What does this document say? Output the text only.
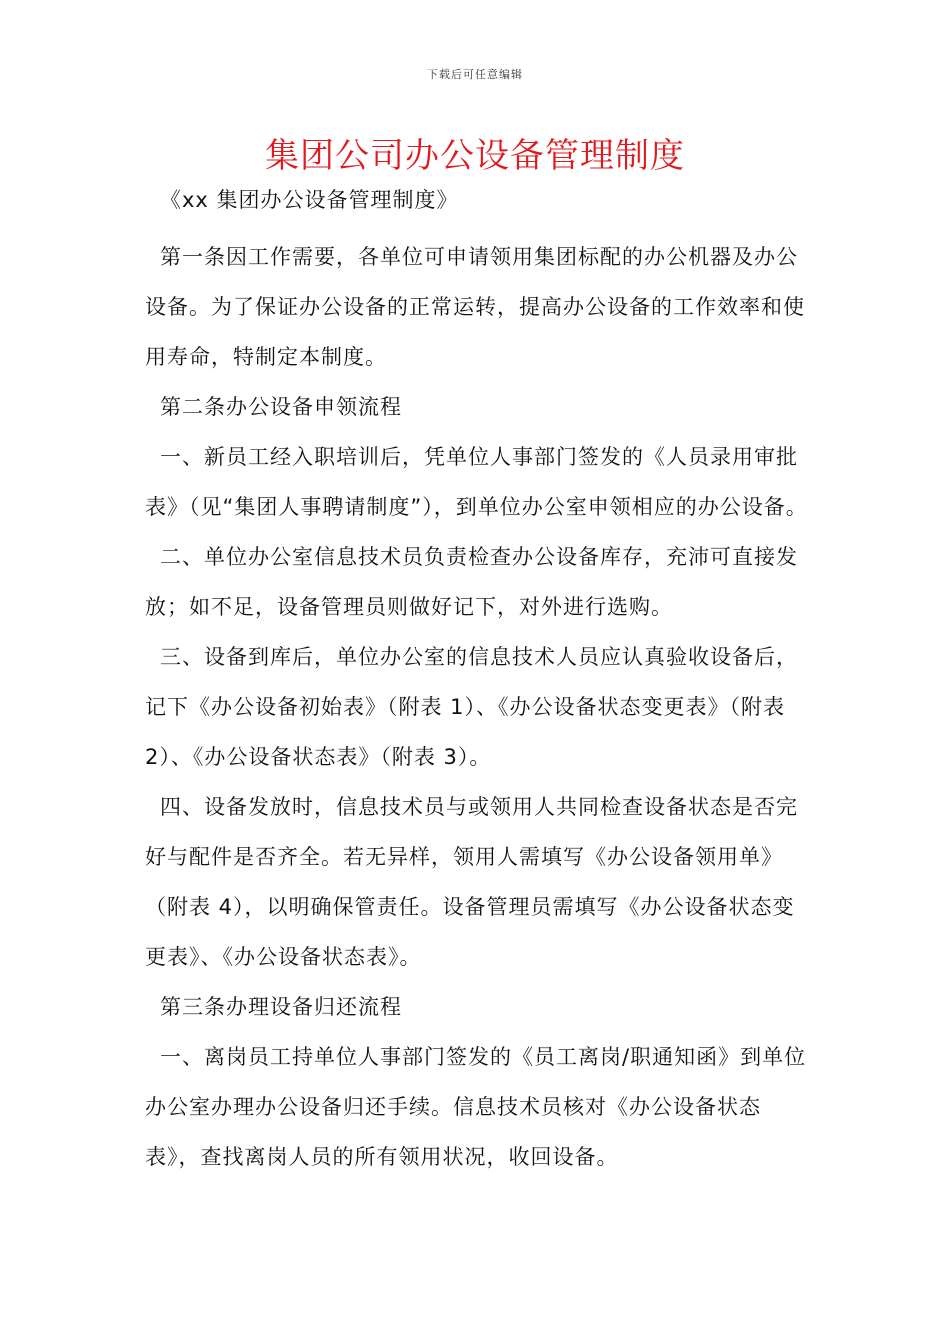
下载后可任意编辑
集团公司办公设备管理制度

《xx 集团办公设备管理制度》

第一条因工作需要，各单位可申请领用集团标配的办公机器及办公设备。为了保证办公设备的正常运转，提高办公设备的工作效率和使用寿命，特制定本制度。

第二条办公设备申领流程

一、新员工经入职培训后，凭单位人事部门签发的《人员录用审批表》（见“集团人事聘请制度”），到单位办公室申领相应的办公设备。

二、单位办公室信息技术员负责检查办公设备库存，充沛可直接发放；如不足，设备管理员则做好记下，对外进行选购。

三、设备到库后，单位办公室的信息技术人员应认真验收设备后，记下《办公设备初始表》（附表 1）、《办公设备状态变更表》（附表 2）、《办公设备状态表》（附表 3）。

四、设备发放时，信息技术员与或领用人共同检查设备状态是否完好与配件是否齐全。若无异样，领用人需填写《办公设备领用单》（附表 4），以明确保管责任。设备管理员需填写《办公设备状态变更表》、《办公设备状态表》。

第三条办理设备归还流程

一、离岗员工持单位人事部门签发的《员工离岗/职通知函》到单位办公室办理办公设备归还手续。信息技术员核对《办公设备状态表》，查找离岗人员的所有领用状况，收回设备。
